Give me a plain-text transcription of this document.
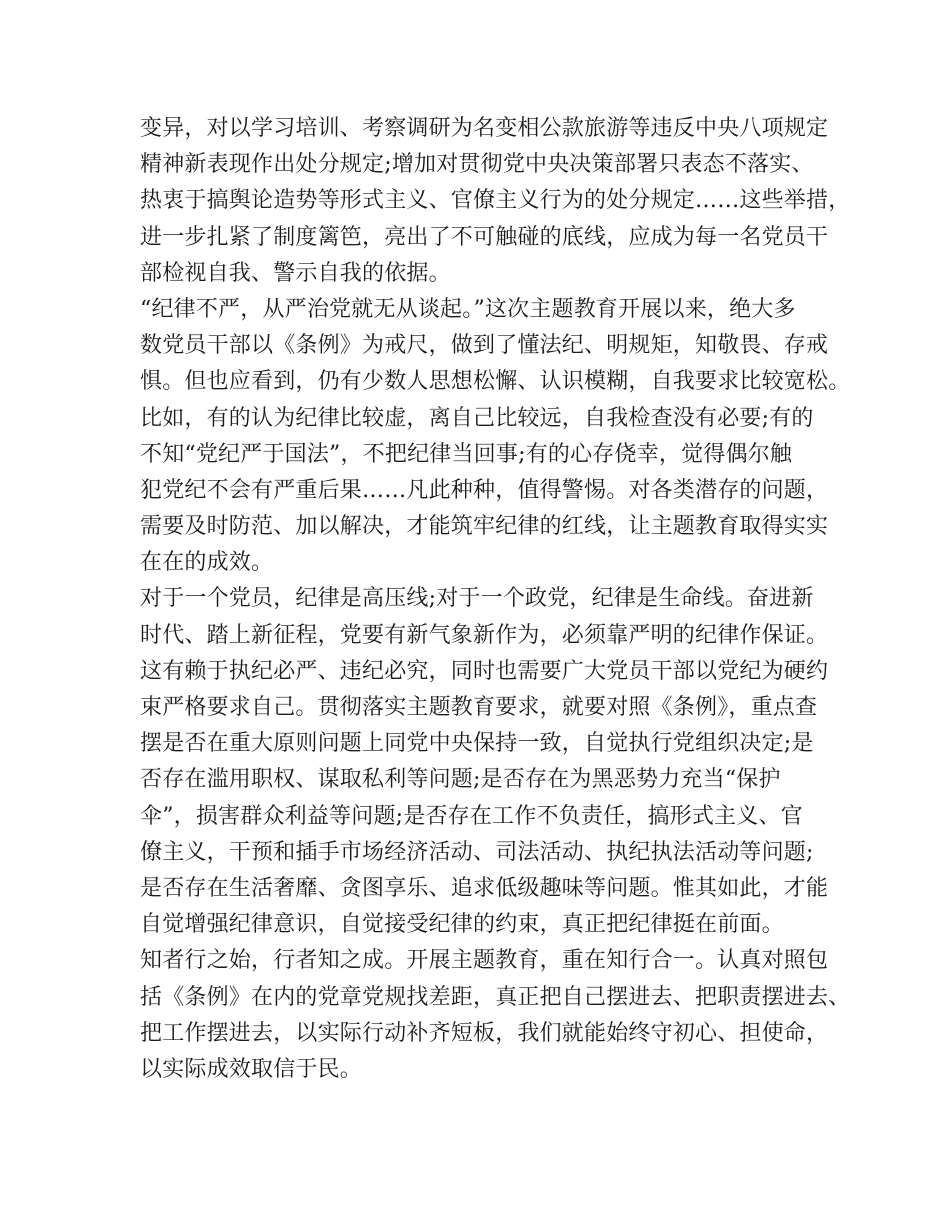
变异，对以学习培训、考察调研为名变相公款旅游等违反中央八项规定
精神新表现作出处分规定;增加对贯彻党中央决策部署只表态不落实、
热衷于搞舆论造势等形式主义、官僚主义行为的处分规定……这些举措，
进一步扎紧了制度篱笆，亮出了不可触碰的底线，应成为每一名党员干
部检视自我、警示自我的依据。
“纪律不严，从严治党就无从谈起。”这次主题教育开展以来，绝大多
数党员干部以《条例》为戒尺，做到了懂法纪、明规矩，知敬畏、存戒
惧。但也应看到，仍有少数人思想松懈、认识模糊，自我要求比较宽松。
比如，有的认为纪律比较虚，离自己比较远，自我检查没有必要;有的
不知“党纪严于国法”，不把纪律当回事;有的心存侥幸，觉得偶尔触
犯党纪不会有严重后果……凡此种种，值得警惕。对各类潜存的问题，
需要及时防范、加以解决，才能筑牢纪律的红线，让主题教育取得实实
在在的成效。
对于一个党员，纪律是高压线;对于一个政党，纪律是生命线。奋进新
时代、踏上新征程，党要有新气象新作为，必须靠严明的纪律作保证。
这有赖于执纪必严、违纪必究，同时也需要广大党员干部以党纪为硬约
束严格要求自己。贯彻落实主题教育要求，就要对照《条例》，重点查
摆是否在重大原则问题上同党中央保持一致，自觉执行党组织决定;是
否存在滥用职权、谋取私利等问题;是否存在为黑恶势力充当“保护
伞”，损害群众利益等问题;是否存在工作不负责任，搞形式主义、官
僚主义，干预和插手市场经济活动、司法活动、执纪执法活动等问题;
是否存在生活奢靡、贪图享乐、追求低级趣味等问题。惟其如此，才能
自觉增强纪律意识，自觉接受纪律的约束，真正把纪律挺在前面。
知者行之始，行者知之成。开展主题教育，重在知行合一。认真对照包
括《条例》在内的党章党规找差距，真正把自己摆进去、把职责摆进去、
把工作摆进去，以实际行动补齐短板，我们就能始终守初心、担使命，
以实际成效取信于民。
